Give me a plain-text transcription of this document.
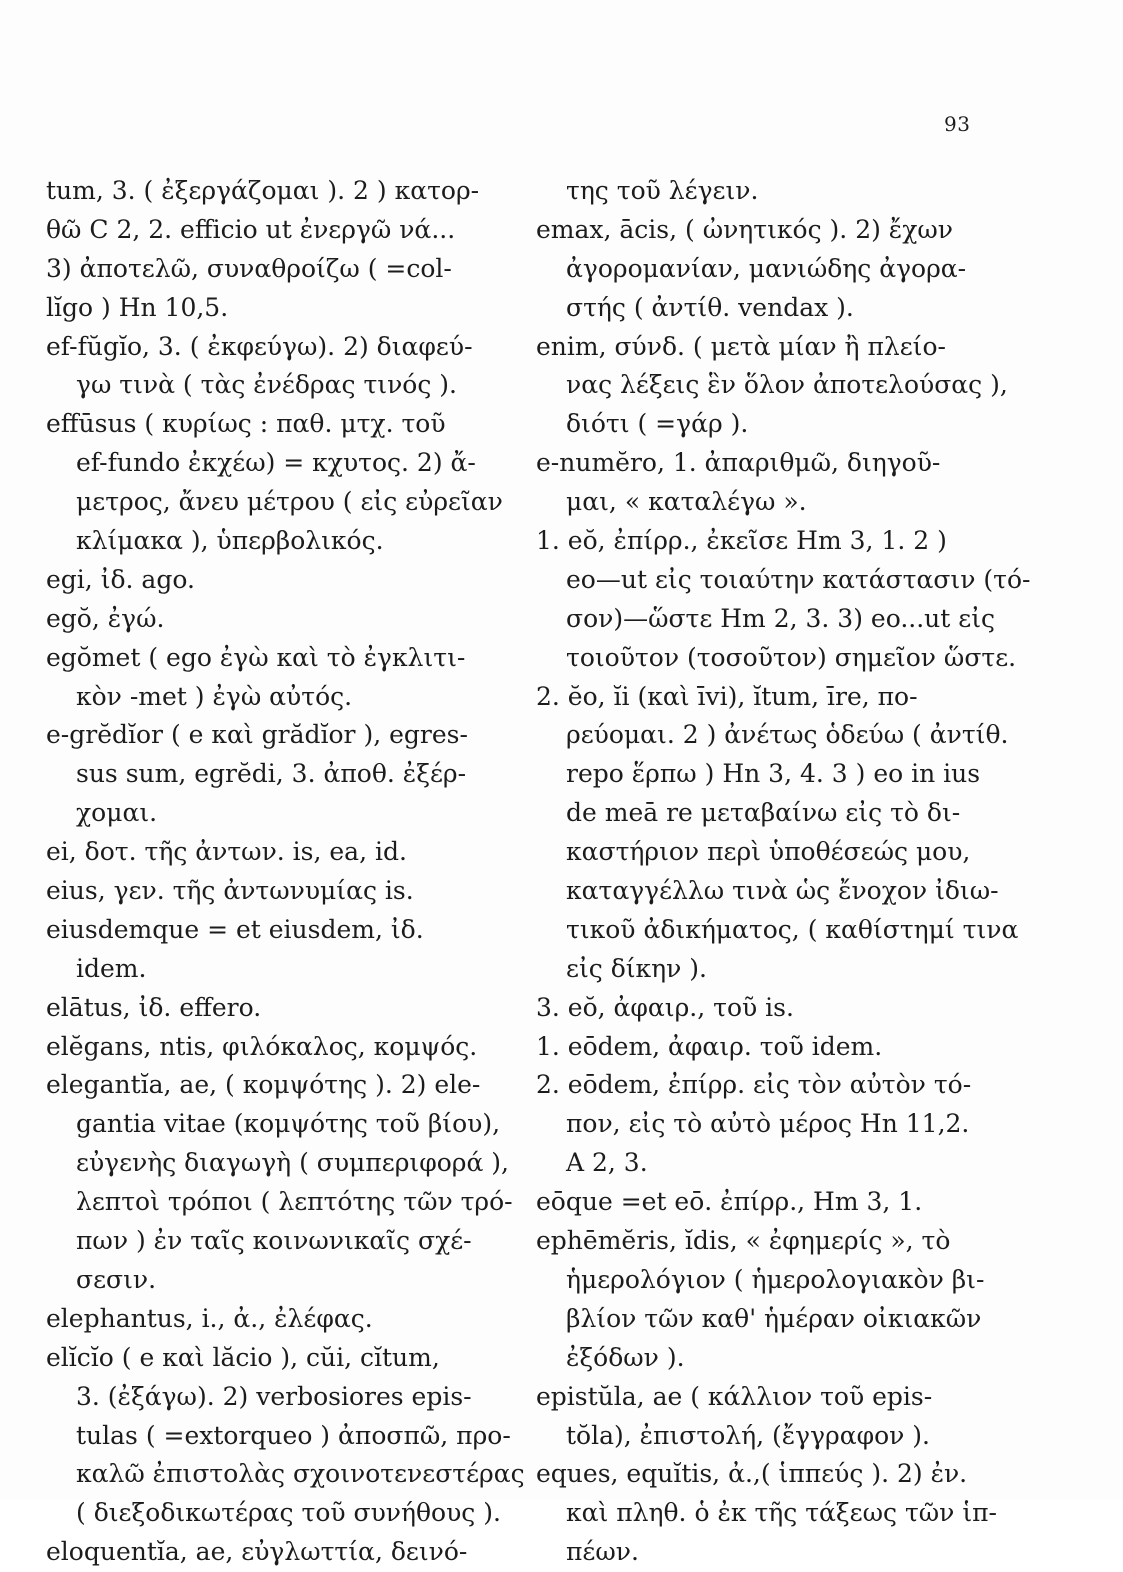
93
tum, 3. ( ἐξεργάζομαι ). 2 ) κατορ-
θῶ C 2, 2. efficio ut ἐνεργῶ νά...
3) ἀποτελῶ, συναθροίζω ( =col-
lĭgo ) Hn 10,5.
ef-fŭgĭo, 3. ( ἐκφεύγω). 2) διαφεύ-
γω τινὰ ( τὰς ἐνέδρας τινός ).
effūsus ( κυρίως : παθ. μτχ. τοῦ
ef-fundo ἐκχέω) = κχυτος. 2) ἄ-
μετρος, ἄνευ μέτρου ( εἰς εὐρεῖαν
κλίμακα ), ὑπερβολικός.
egi, ἰδ. ago.
egŏ, ἐγώ.
egŏmet ( ego ἐγὼ καὶ τὸ ἐγκλιτι-
κὸν -met ) ἐγὼ αὐτός.
e-grĕdĭor ( e καὶ grădĭor ), egres-
sus sum, egrĕdi, 3. ἀποθ. ἐξέρ-
χομαι.
ei, δοτ. τῆς ἀντων. is, ea, id.
eius, γεν. τῆς ἀντωνυμίας is.
eiusdemque = et eiusdem, ἰδ.
idem.
elātus, ἰδ. effero.
elĕgans, ntis, φιλόκαλος, κομψός.
elegantĭa, ae, ( κομψότης ). 2) ele-
gantia vitae (κομψότης τοῦ βίου),
εὐγενὴς διαγωγὴ ( συμπεριφορά ),
λεπτοὶ τρόποι ( λεπτότης τῶν τρό-
πων ) ἐν ταῖς κοινωνικαῖς σχέ-
σεσιν.
elephantus, i., ἀ., ἐλέφας.
elĭcĭo ( e καὶ lăcio ), cŭi, cĭtum,
3. (ἐξάγω). 2) verbosiores epis-
tulas ( =extorqueo ) ἀποσπῶ, προ-
καλῶ ἐπιστολὰς σχοινοτενεστέρας
( διεξοδικωτέρας τοῦ συνήθους ).
eloquentĭa, ae, εὐγλωττία, δεινό-
της τοῦ λέγειν.
emax, ācis, ( ὠνητικός ). 2) ἔχων
ἀγορομανίαν, μανιώδης ἀγορα-
στής ( ἀντίθ. vendax ).
enim, σύνδ. ( μετὰ μίαν ἢ πλείο-
νας λέξεις ἓν ὅλον ἀποτελούσας ),
διότι ( =γάρ ).
e-numĕro, 1. ἀπαριθμῶ, διηγοῦ-
μαι, « καταλέγω ».
1. eŏ, ἐπίρρ., ἐκεῖσε Hm 3, 1. 2 )
eo—ut εἰς τοιαύτην κατάστασιν (τό-
σον)—ὥστε Hm 2, 3. 3) eo...ut εἰς
τοιοῦτον (τοσοῦτον) σημεῖον ὥστε.
2. ĕo, ĭi (καὶ īvi), ĭtum, īre, πο-
ρεύομαι. 2 ) ἀνέτως ὁδεύω ( ἀντίθ.
repo ἕρπω ) Hn 3, 4. 3 ) eo in ius
de meā re μεταβαίνω εἰς τὸ δι-
καστήριον περὶ ὑποθέσεώς μου,
καταγγέλλω τινὰ ὡς ἔνοχον ἰδιω-
τικοῦ ἀδικήματος, ( καθίστημί τινα
εἰς δίκην ).
3. eŏ, ἀφαιρ., τοῦ is.
1. eōdem, ἀφαιρ. τοῦ idem.
2. eōdem, ἐπίρρ. εἰς τὸν αὐτὸν τό-
πον, εἰς τὸ αὐτὸ μέρος Hn 11,2.
A 2, 3.
eōque =et eō. ἐπίρρ., Hm 3, 1.
ephēmĕris, ĭdis, « ἐφημερίς », τὸ
ἡμερολόγιον ( ἡμερολογιακὸν βι-
βλίον τῶν καθ' ἡμέραν οἰκιακῶν
ἐξόδων ).
epistŭla, ae ( κάλλιον τοῦ epis-
tŏla), ἐπιστολή, (ἔγγραφον ).
eques, equĭtis, ἀ.,( ἱππεύς ). 2) ἐν.
καὶ πληθ. ὁ ἐκ τῆς τάξεως τῶν ἱπ-
πέων.
